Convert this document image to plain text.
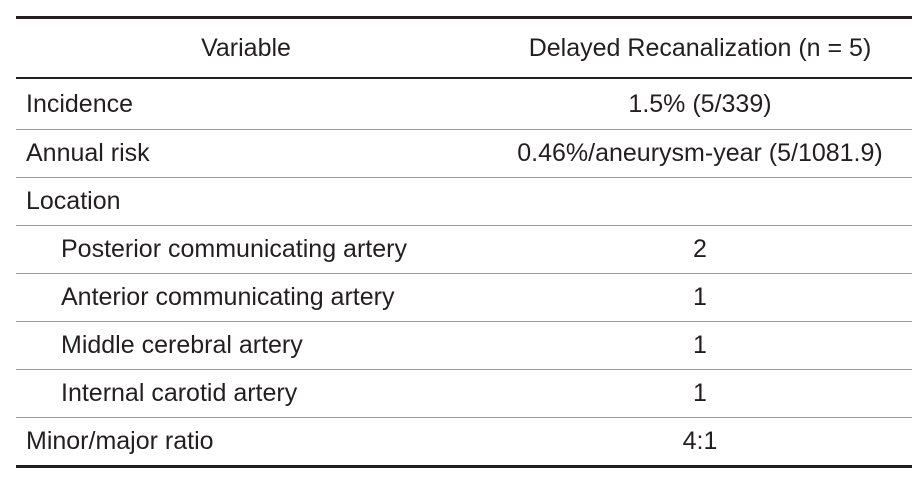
Variable	Delayed Recanalization (n = 5)
Incidence	1.5% (5/339)
Annual risk	0.46%/aneurysm-year (5/1081.9)
Location	
Posterior communicating artery	2
Anterior communicating artery	1
Middle cerebral artery	1
Internal carotid artery	1
Minor/major ratio	4:1
